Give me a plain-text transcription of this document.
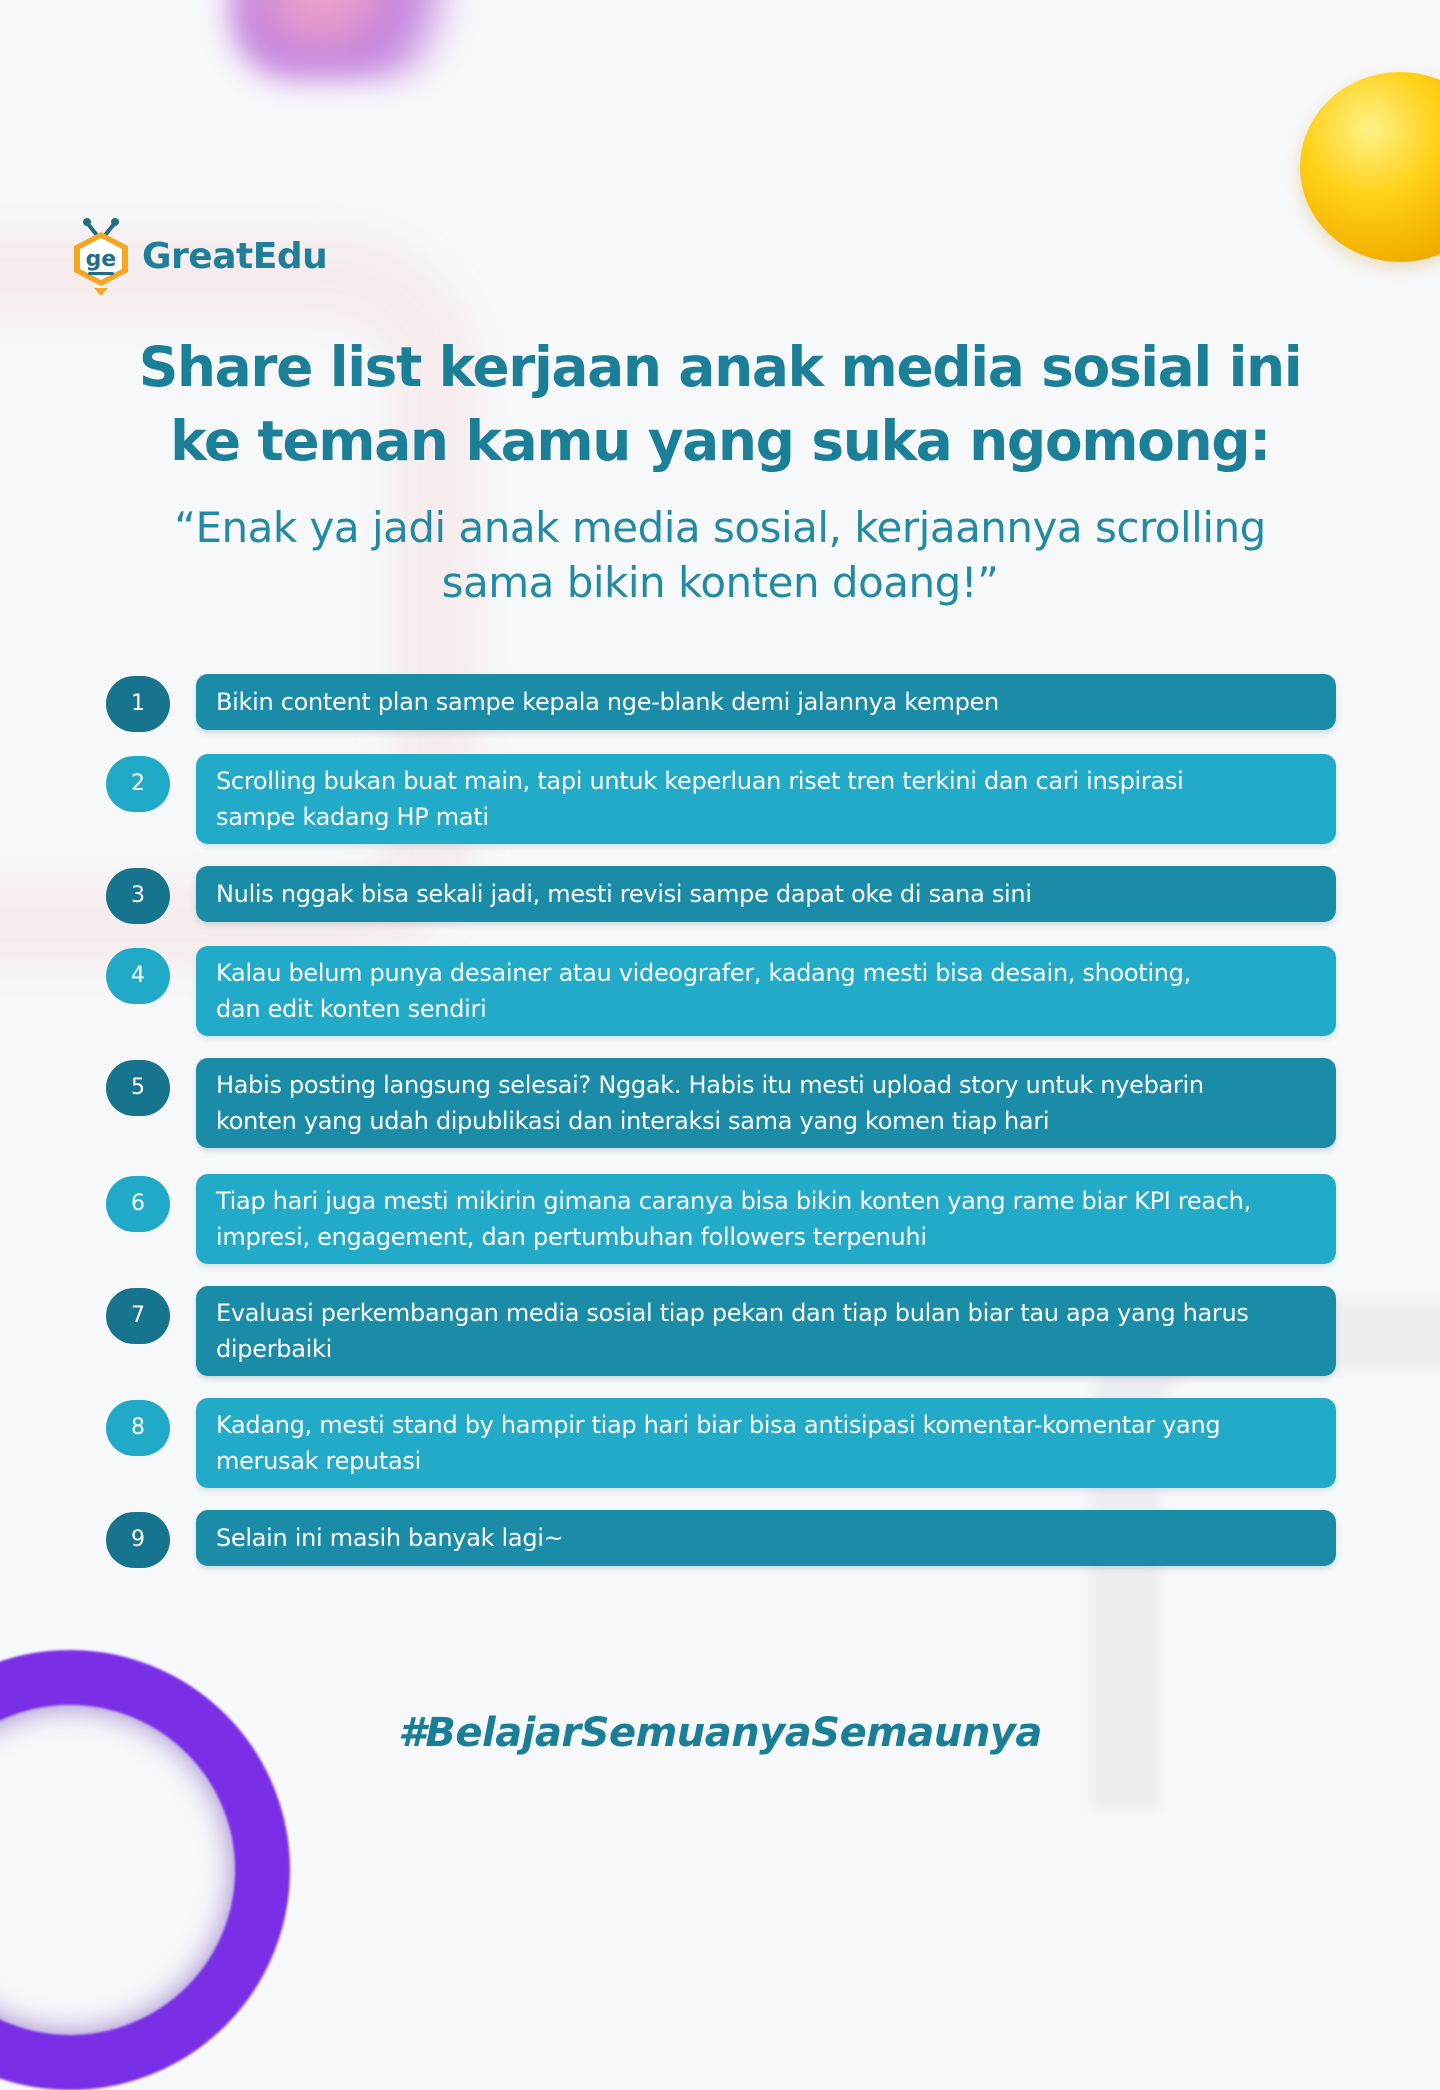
ge GreatEdu
Share list kerjaan anak media sosial ini
ke teman kamu yang suka ngomong:

“Enak ya jadi anak media sosial, kerjaannya scrolling
sama bikin konten doang!”

1	Bikin content plan sampe kepala nge-blank demi jalannya kempen
2	Scrolling bukan buat main, tapi untuk keperluan riset tren terkini dan cari inspirasi
sampe kadang HP mati
3	Nulis nggak bisa sekali jadi, mesti revisi sampe dapat oke di sana sini
4	Kalau belum punya desainer atau videografer, kadang mesti bisa desain, shooting,
dan edit konten sendiri
5	Habis posting langsung selesai? Nggak. Habis itu mesti upload story untuk nyebarin
konten yang udah dipublikasi dan interaksi sama yang komen tiap hari
6	Tiap hari juga mesti mikirin gimana caranya bisa bikin konten yang rame biar KPI reach,
impresi, engagement, dan pertumbuhan followers terpenuhi
7	Evaluasi perkembangan media sosial tiap pekan dan tiap bulan biar tau apa yang harus
diperbaiki
8	Kadang, mesti stand by hampir tiap hari biar bisa antisipasi komentar-komentar yang
merusak reputasi
9	Selain ini masih banyak lagi~
#BelajarSemuanyaSemaunya
